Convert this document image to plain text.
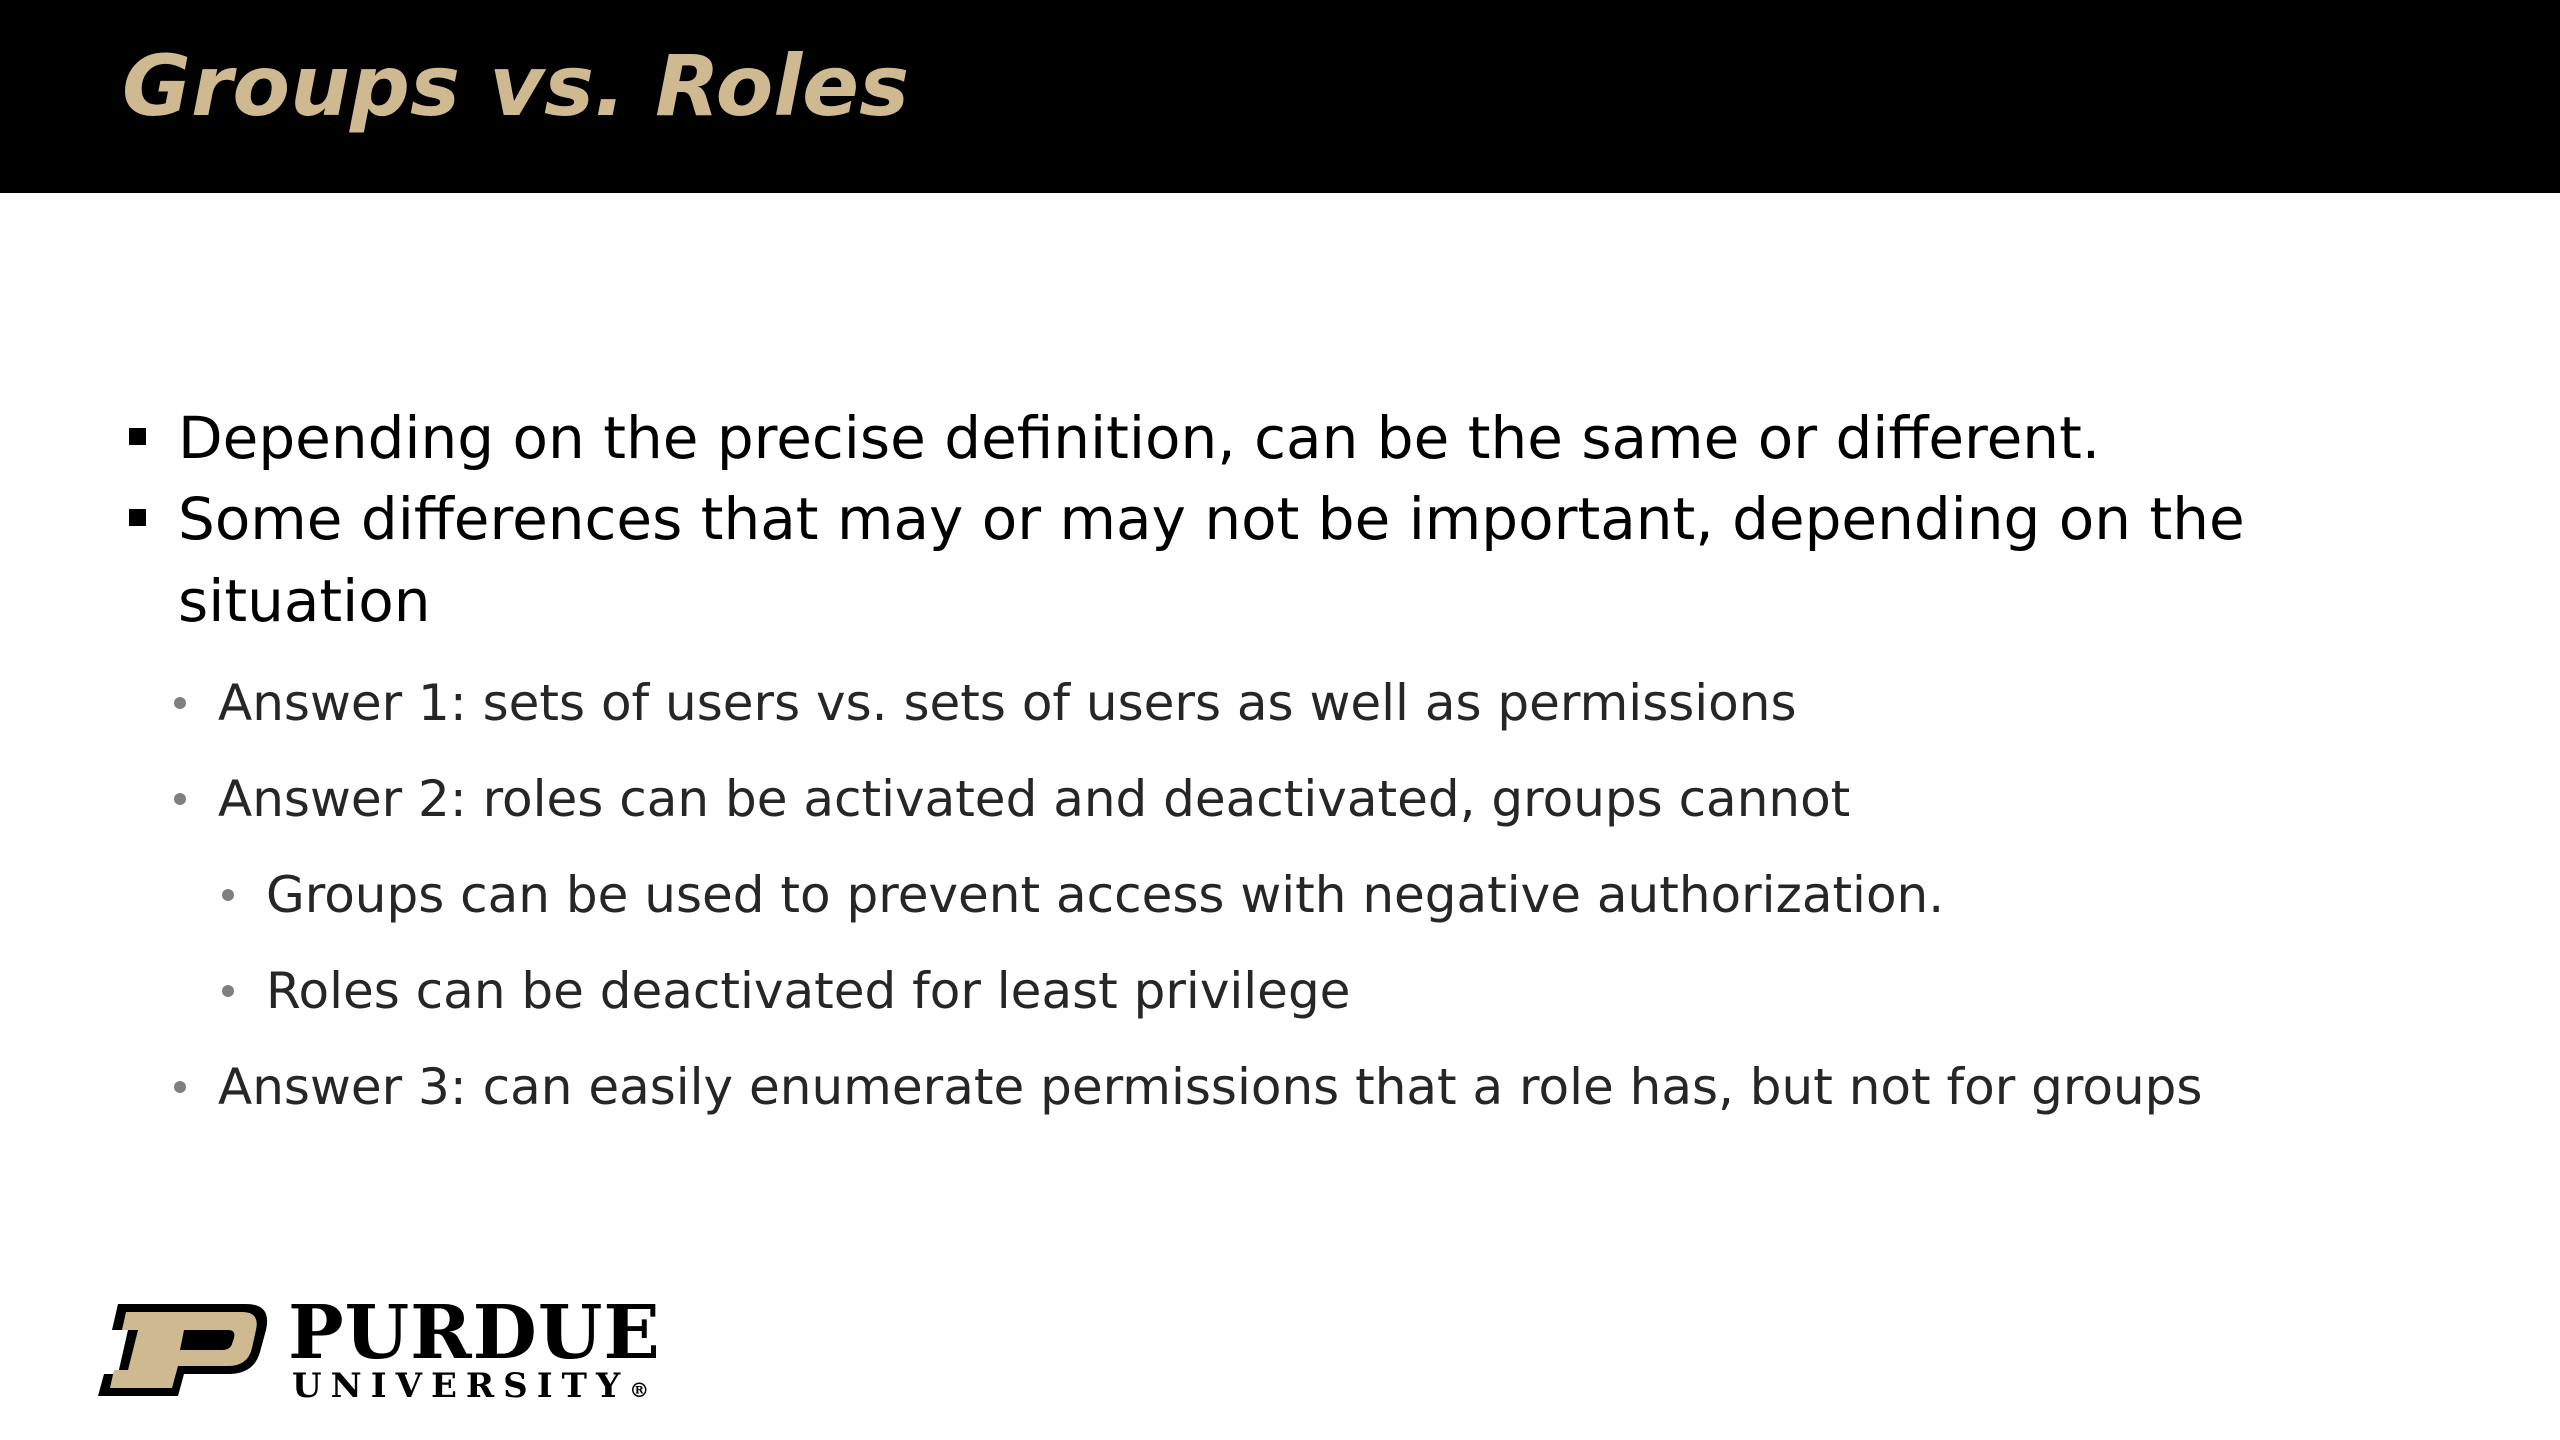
Groups vs. Roles
Depending on the precise definition, can be the same or different.
Some differences that may or may not be important, depending on the
situation
Answer 1: sets of users vs. sets of users as well as permissions
Answer 2: roles can be activated and deactivated, groups cannot
Groups can be used to prevent access with negative authorization.
Roles can be deactivated for least privilege
Answer 3: can easily enumerate permissions that a role has, but not for groups
PURDUE
UNIVERSITY®
